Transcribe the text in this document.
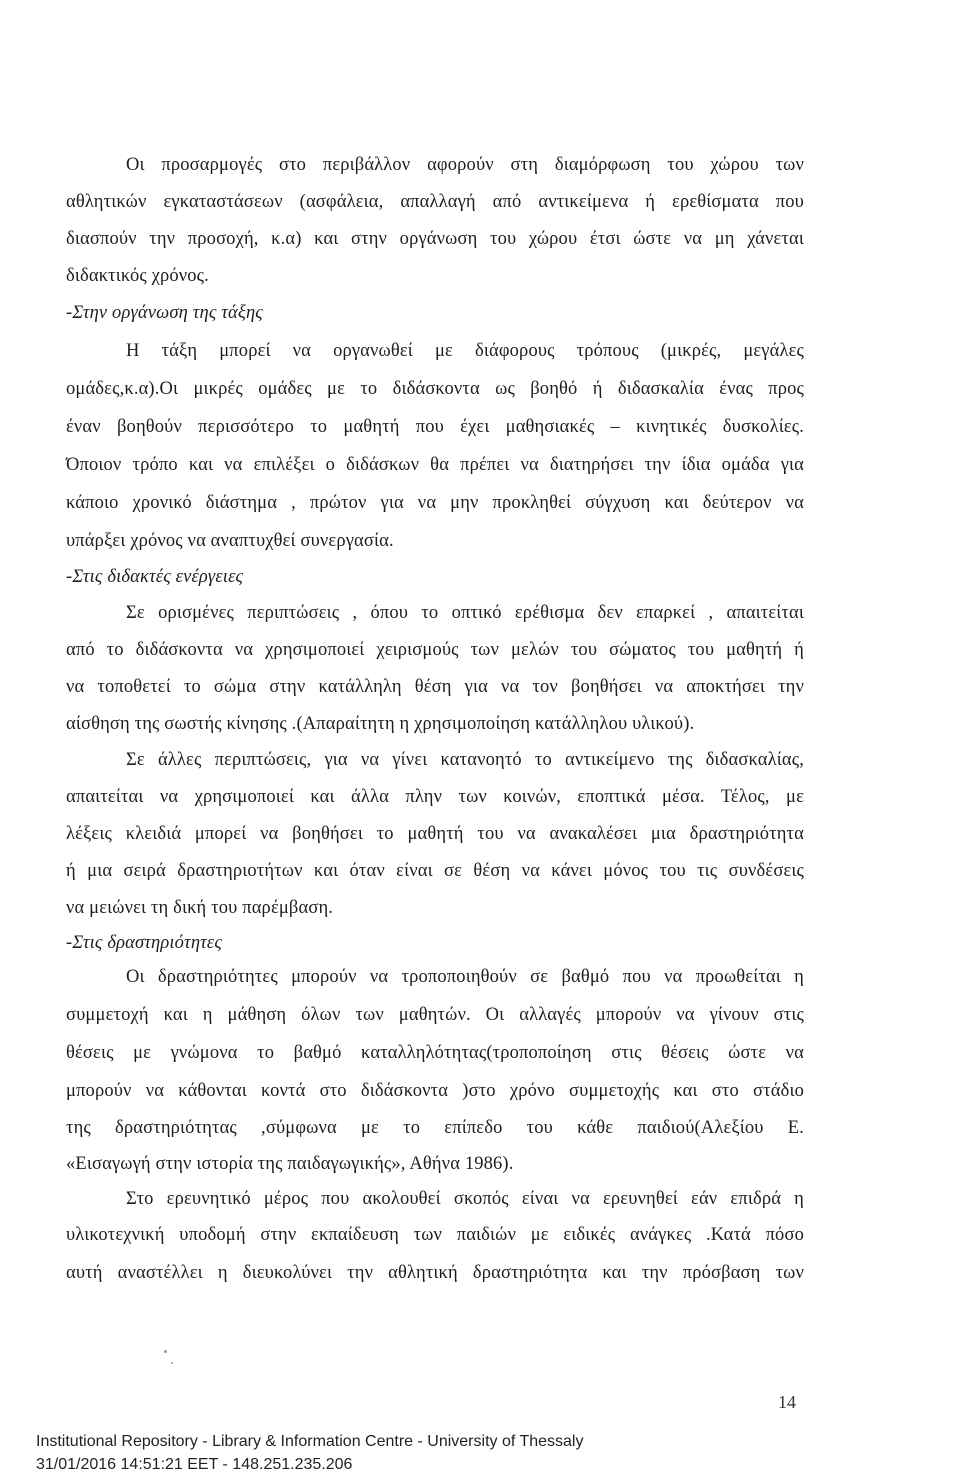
Οι προσαρμογές στο περιβάλλον αφορούν στη διαμόρφωση του χώρου των
αθλητικών εγκαταστάσεων (ασφάλεια, απαλλαγή από αντικείμενα ή ερεθίσματα που
διασπούν την προσοχή, κ.α) και στην οργάνωση του χώρου έτσι ώστε να μη χάνεται
διδακτικός χρόνος.
-Στην οργάνωση της τάξης
Η τάξη μπορεί να οργανωθεί με διάφορους τρόπους (μικρές, μεγάλες
ομάδες,κ.α).Οι μικρές ομάδες με το διδάσκοντα ως βοηθό ή διδασκαλία ένας προς
έναν βοηθούν περισσότερο το μαθητή που έχει μαθησιακές – κινητικές δυσκολίες.
Όποιον τρόπο και να επιλέξει ο διδάσκων θα πρέπει να διατηρήσει την ίδια ομάδα για
κάποιο χρονικό διάστημα , πρώτον για να μην προκληθεί σύγχυση και δεύτερον να
υπάρξει χρόνος να αναπτυχθεί συνεργασία.
-Στις διδακτές ενέργειες
Σε ορισμένες περιπτώσεις , όπου το οπτικό ερέθισμα δεν επαρκεί , απαιτείται
από το διδάσκοντα να χρησιμοποιεί χειρισμούς των μελών του σώματος του μαθητή ή
να τοποθετεί το σώμα στην κατάλληλη θέση για να τον βοηθήσει να αποκτήσει την
αίσθηση της σωστής κίνησης .(Απαραίτητη η χρησιμοποίηση κατάλληλου υλικού).
Σε άλλες περιπτώσεις, για να γίνει κατανοητό το αντικείμενο της διδασκαλίας,
απαιτείται να χρησιμοποιεί και άλλα πλην των κοινών, εποπτικά μέσα. Τέλος, με
λέξεις κλειδιά μπορεί να βοηθήσει το μαθητή του να ανακαλέσει μια δραστηριότητα
ή μια σειρά δραστηριοτήτων και όταν είναι σε θέση να κάνει μόνος του τις συνδέσεις
να μειώνει τη δική του παρέμβαση.
-Στις δραστηριότητες
Οι δραστηριότητες μπορούν να τροποποιηθούν σε βαθμό που να προωθείται η
συμμετοχή και η μάθηση όλων των μαθητών. Οι αλλαγές μπορούν να γίνουν στις
θέσεις με γνώμονα το βαθμό καταλληλότητας(τροποποίηση στις θέσεις ώστε να
μπορούν να κάθονται κοντά στο διδάσκοντα )στο χρόνο συμμετοχής και στο στάδιο
της δραστηριότητας ,σύμφωνα με το επίπεδο του κάθε παιδιού(Αλεξίου Ε.
«Εισαγωγή στην ιστορία της παιδαγωγικής», Αθήνα 1986).
Στο ερευνητικό μέρος που ακολουθεί σκοπός είναι να ερευνηθεί εάν επιδρά η
υλικοτεχνική υποδομή στην εκπαίδευση των παιδιών με ειδικές ανάγκες .Κατά πόσο
αυτή αναστέλλει η διευκολύνει την αθλητική δραστηριότητα και την πρόσβαση των
14
Institutional Repository - Library & Information Centre - University of Thessaly
31/01/2016 14:51:21 EET - 148.251.235.206
